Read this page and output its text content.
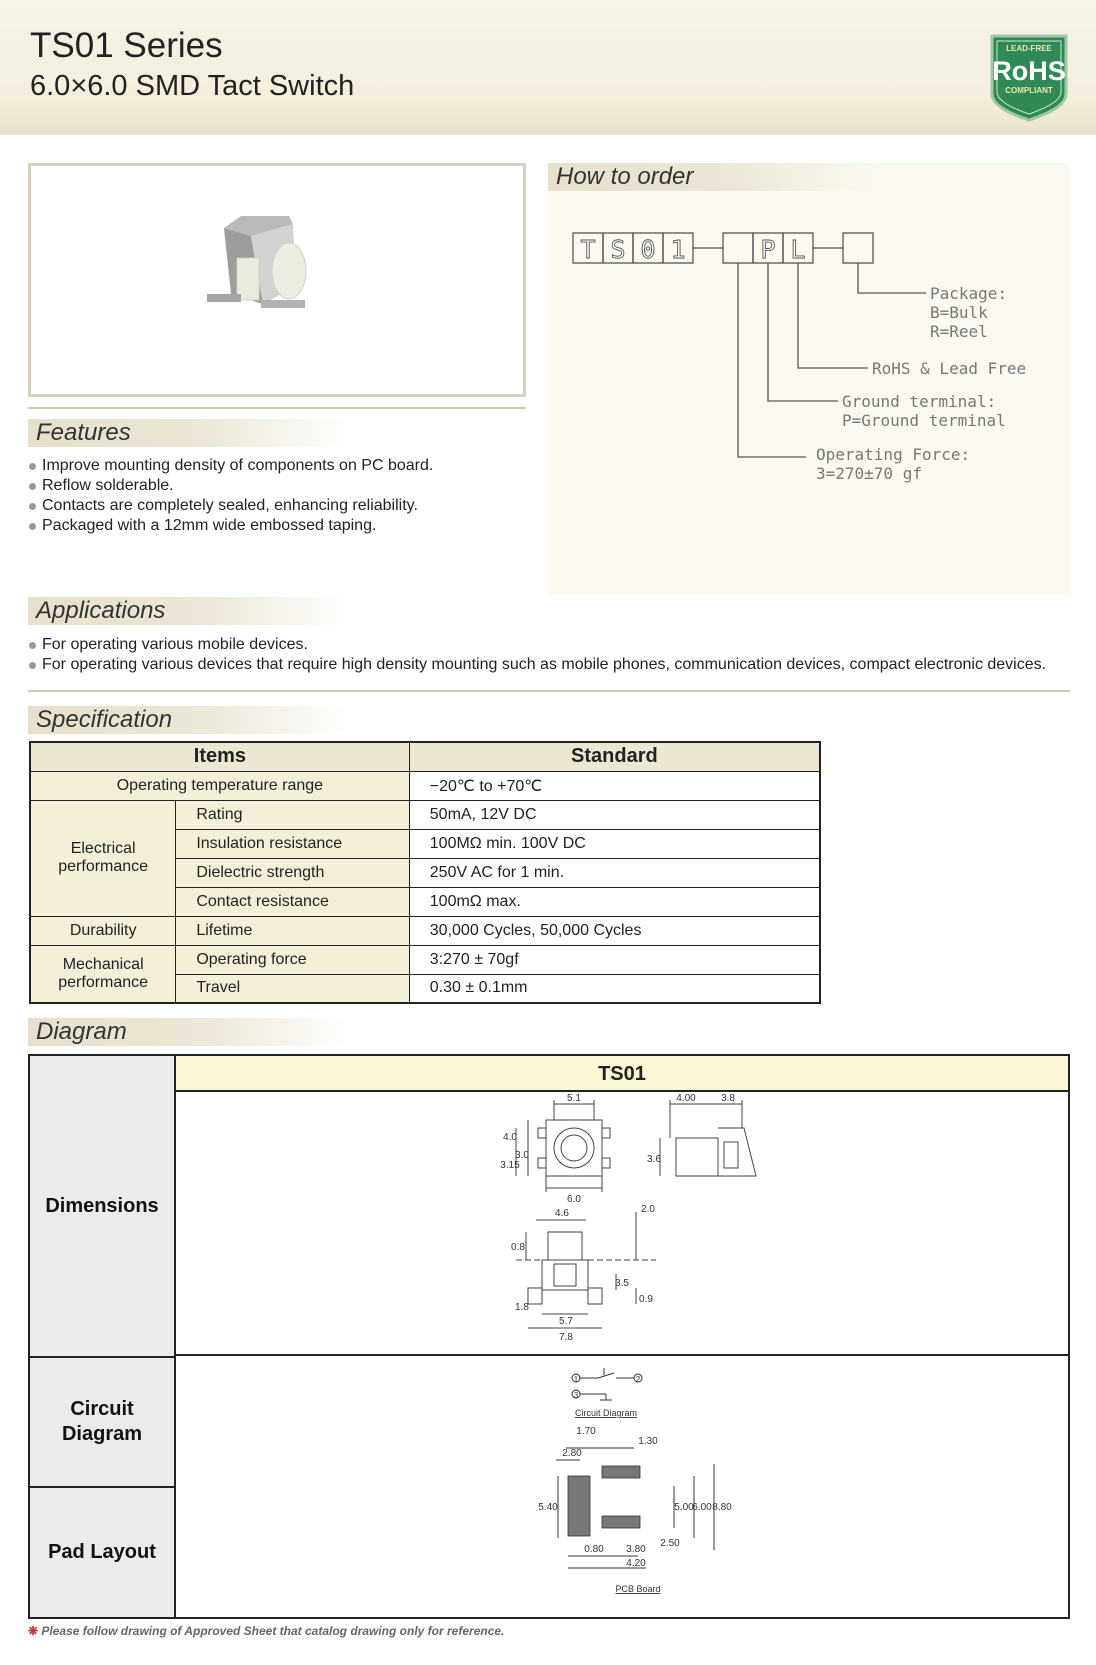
TS01 Series
6.0×6.0 SMD Tact Switch
LEAD-FREE
RoHS
COMPLIANT
Features
Improve mounting density of components on PC board.
Reflow solderable.
Contacts are completely sealed, enhancing reliability.
Packaged with a 12mm wide embossed taping.
How to order
T S 0 1	P L
Package:
B=Bulk
R=Reel
RoHS & Lead Free
Ground terminal:
P=Ground terminal
Operating Force:
3=270±70 gf
Applications
For operating various mobile devices.
For operating various devices that require high density mounting such as mobile phones, communication devices, compact electronic devices.
Specification
Items		Standard
Operating temperature range		−20℃ to +70℃
Electrical performance	Rating	50mA, 12V DC
	Insulation resistance	100MΩ min. 100V DC
	Dielectric strength	250V AC for 1 min.
	Contact resistance	100mΩ max.
Durability	Lifetime	30,000 Cycles, 50,000 Cycles
Mechanical performance	Operating force	3:270 ± 70gf
	Travel	0.30 ± 0.1mm
Diagram
Dimensions
Circuit Diagram
Pad Layout
TS01
5.1
4.0
3.0
3.15
6.0
4.00	3.8
3.6
4.6
0.8
2.0
3.5
0.9
1.8
5.7
7.8
1	2
3
Circuit Diagram
1.70
1.30
2.80
5.40	5.00
6.00 8.80
0.80 3.80
4.20
2.50
PCB Board
❋ Please follow drawing of Approved Sheet that catalog drawing only for reference.
